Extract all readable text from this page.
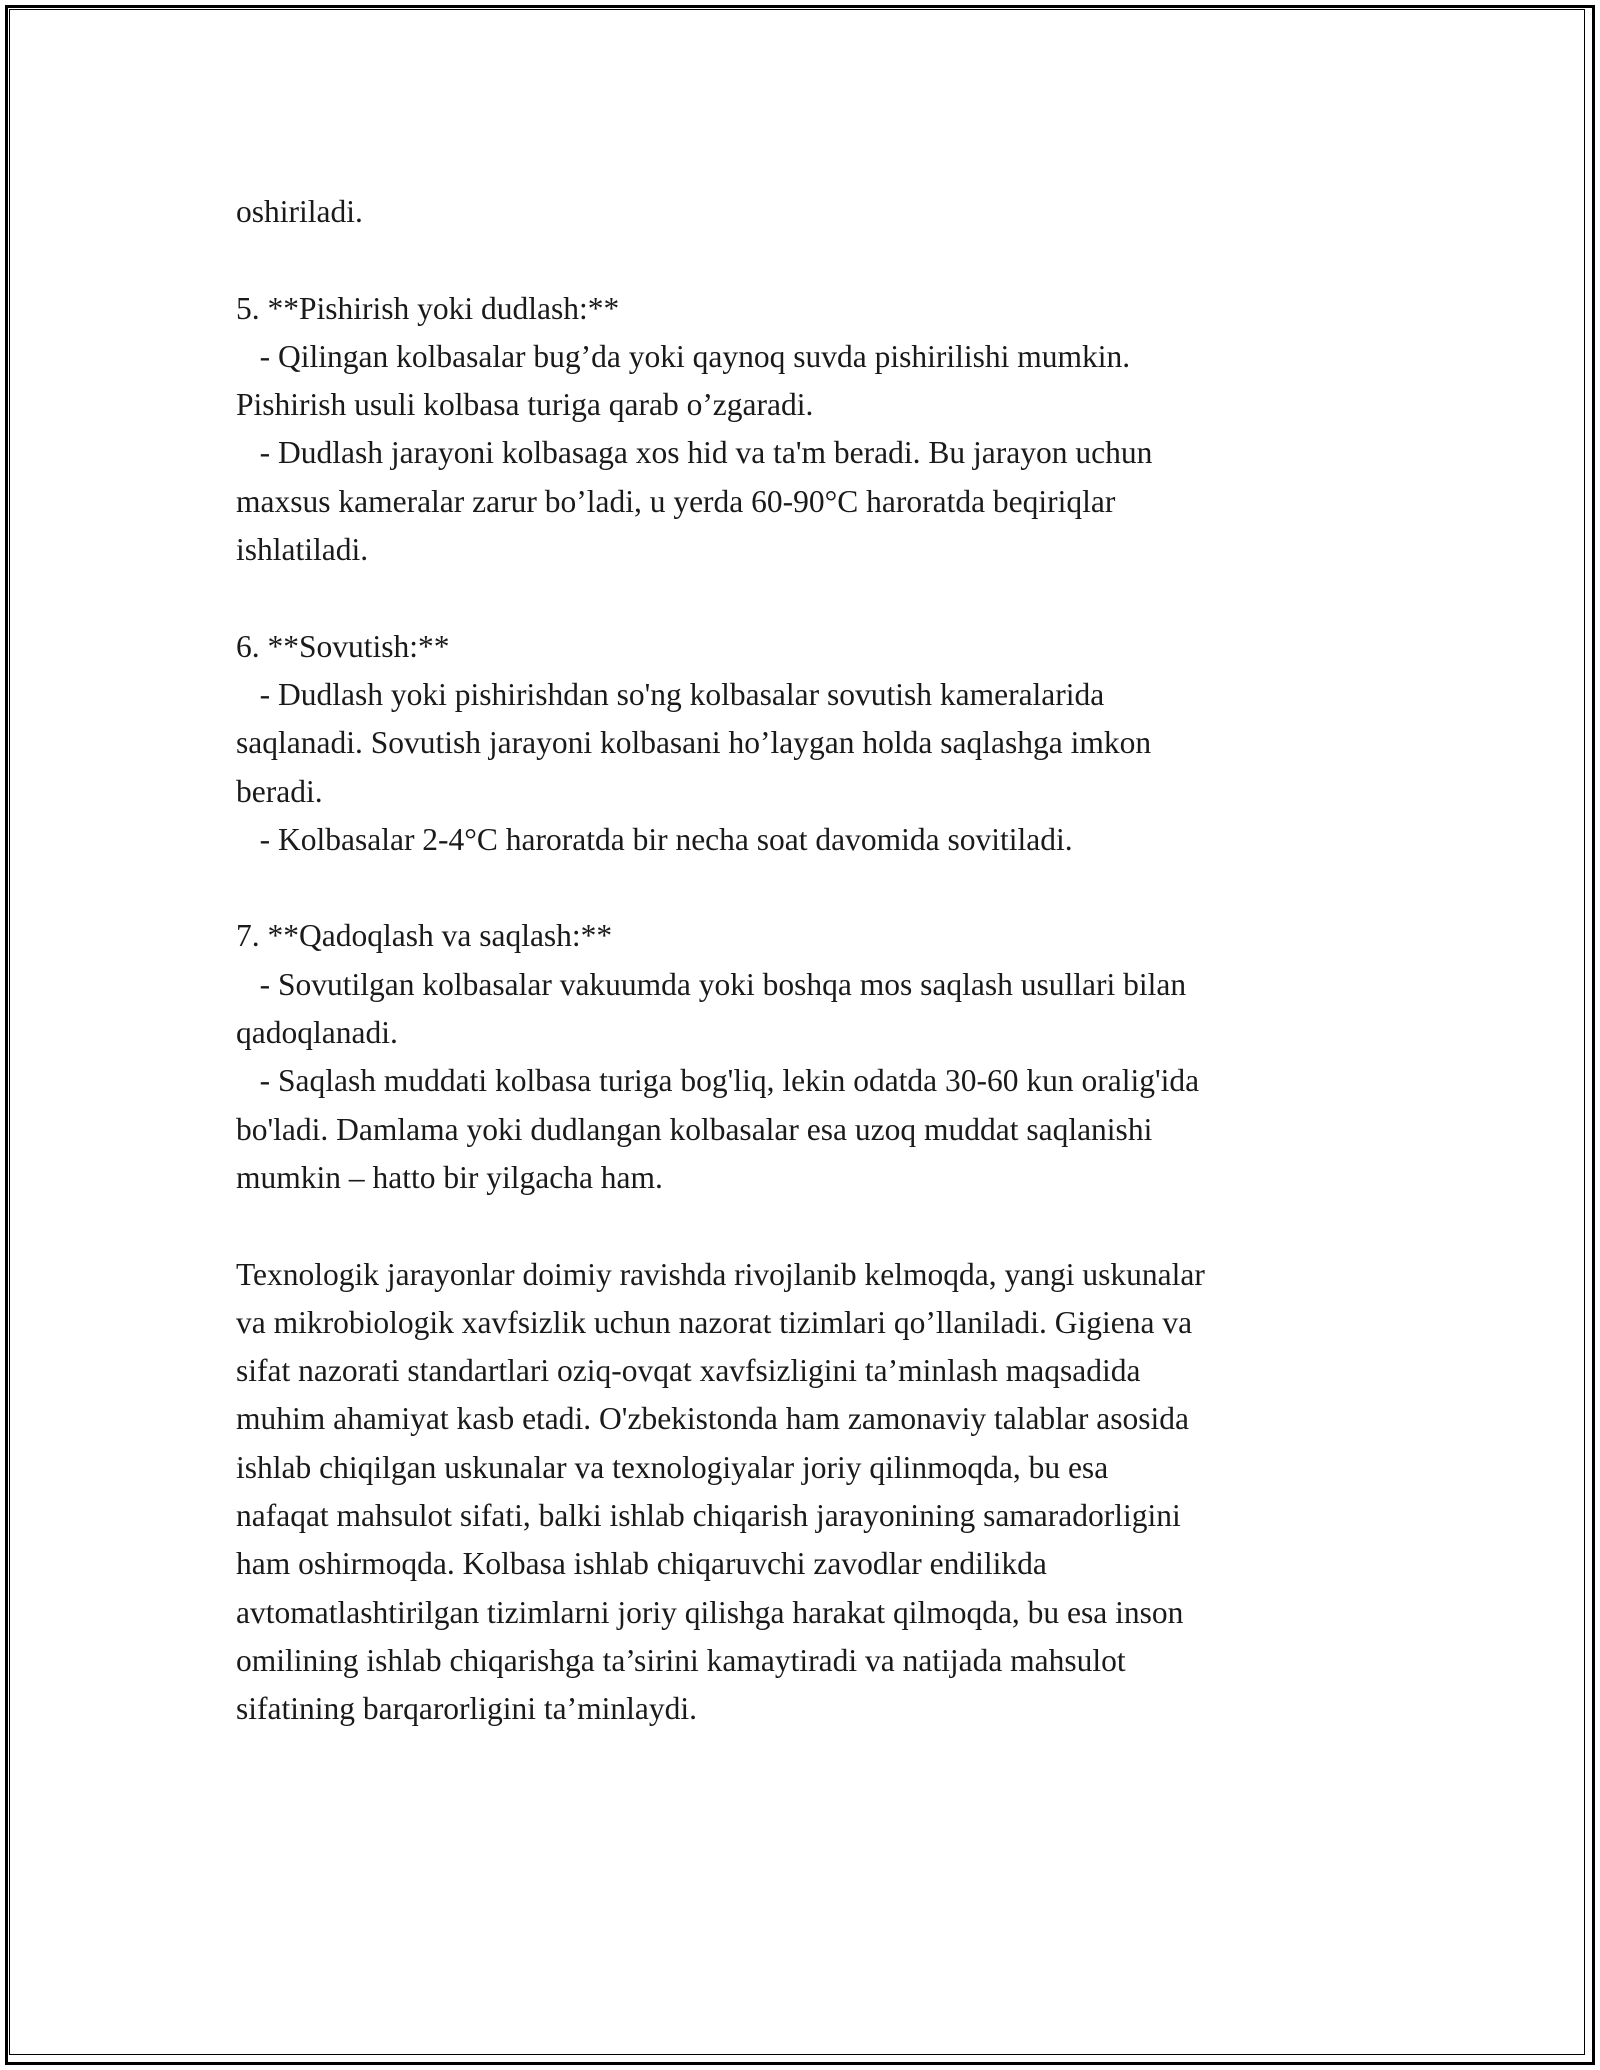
oshiriladi.
5. **Pishirish yoki dudlash:**
- Qilingan kolbasalar bug’da yoki qaynoq suvda pishirilishi mumkin.
Pishirish usuli kolbasa turiga qarab o’zgaradi.
- Dudlash jarayoni kolbasaga xos hid va ta'm beradi. Bu jarayon uchun
maxsus kameralar zarur bo’ladi, u yerda 60-90°C haroratda beqiriqlar
ishlatiladi.
6. **Sovutish:**
- Dudlash yoki pishirishdan so'ng kolbasalar sovutish kameralarida
saqlanadi. Sovutish jarayoni kolbasani ho’laygan holda saqlashga imkon
beradi.
- Kolbasalar 2-4°C haroratda bir necha soat davomida sovitiladi.
7. **Qadoqlash va saqlash:**
- Sovutilgan kolbasalar vakuumda yoki boshqa mos saqlash usullari bilan
qadoqlanadi.
- Saqlash muddati kolbasa turiga bog'liq, lekin odatda 30-60 kun oralig'ida
bo'ladi. Damlama yoki dudlangan kolbasalar esa uzoq muddat saqlanishi
mumkin – hatto bir yilgacha ham.
Texnologik jarayonlar doimiy ravishda rivojlanib kelmoqda, yangi uskunalar
va mikrobiologik xavfsizlik uchun nazorat tizimlari qo’llaniladi. Gigiena va
sifat nazorati standartlari oziq-ovqat xavfsizligini ta’minlash maqsadida
muhim ahamiyat kasb etadi. O'zbekistonda ham zamonaviy talablar asosida
ishlab chiqilgan uskunalar va texnologiyalar joriy qilinmoqda, bu esa
nafaqat mahsulot sifati, balki ishlab chiqarish jarayonining samaradorligini
ham oshirmoqda. Kolbasa ishlab chiqaruvchi zavodlar endilikda
avtomatlashtirilgan tizimlarni joriy qilishga harakat qilmoqda, bu esa inson
omilining ishlab chiqarishga ta’sirini kamaytiradi va natijada mahsulot
sifatining barqarorligini ta’minlaydi.
